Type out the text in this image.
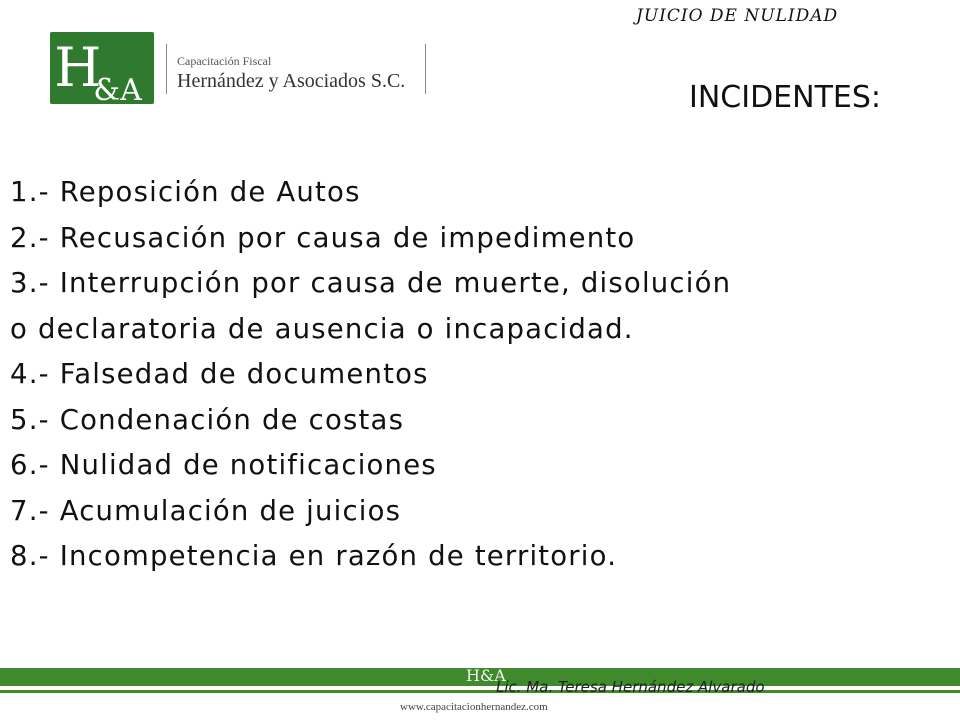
JUICIO DE NULIDAD
$H_{\&A}$
Capacitación Fiscal
Hernández y Asociados S.C.	INCIDENTES:
1.- Reposición de Autos
2.- Recusación por causa de impedimento
3.- Interrupción por causa de muerte, disolución
o declaratoria de ausencia o incapacidad.
4.- Falsedad de documentos
5.- Condenación de costas
6.- Nulidad de notificaciones
7.- Acumulación de juicios
8.- Incompetencia en razón de territorio.
H&A
Lic. Ma. Teresa Hernández Alvarado
www.capacitacionhernandez.com
